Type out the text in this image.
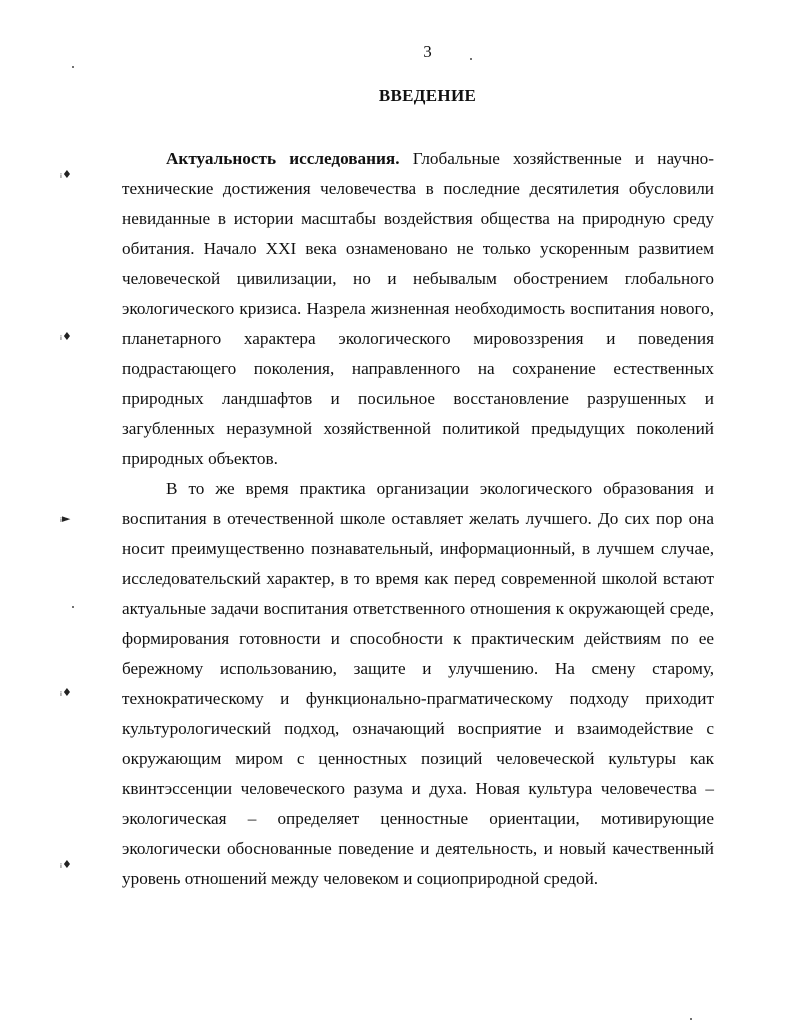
ᵢ♦
ᵢ♦
ᵢ►
ᵢ♦
ᵢ♦
3
ВВЕДЕНИЕ

Актуальность исследования. Глобальные хозяйственные и научно-технические достижения человечества в последние десятилетия обусловили невиданные в истории масштабы воздействия общества на природную среду обитания. Начало XXI века ознаменовано не только ускоренным развитием человеческой цивилизации, но и небывалым обострением глобального экологического кризиса. Назрела жизненная необходимость воспитания нового, планетарного характера экологического мировоззрения и поведения подрастающего поколения, направленного на сохранение естественных природных ландшафтов и посильное восстановление разрушенных и загубленных неразумной хозяйственной политикой предыдущих поколений природных объектов.

В то же время практика организации экологического образования и воспитания в отечественной школе оставляет желать лучшего. До сих пор она носит преимущественно познавательный, информационный, в лучшем случае, исследовательский характер, в то время как перед современной школой встают актуальные задачи воспитания ответственного отношения к окружающей среде, формирования готовности и способности к практическим действиям по ее бережному использованию, защите и улучшению. На смену старому, технократическому и функционально-прагматическому подходу приходит культурологический подход, означающий восприятие и взаимодействие с окружающим миром с ценностных позиций человеческой культуры как квинтэссенции человеческого разума и духа. Новая культура человечества – экологическая – определяет ценностные ориентации, мотивирующие экологически обоснованные поведение и деятельность, и новый качественный уровень отношений между человеком и социоприродной средой.
